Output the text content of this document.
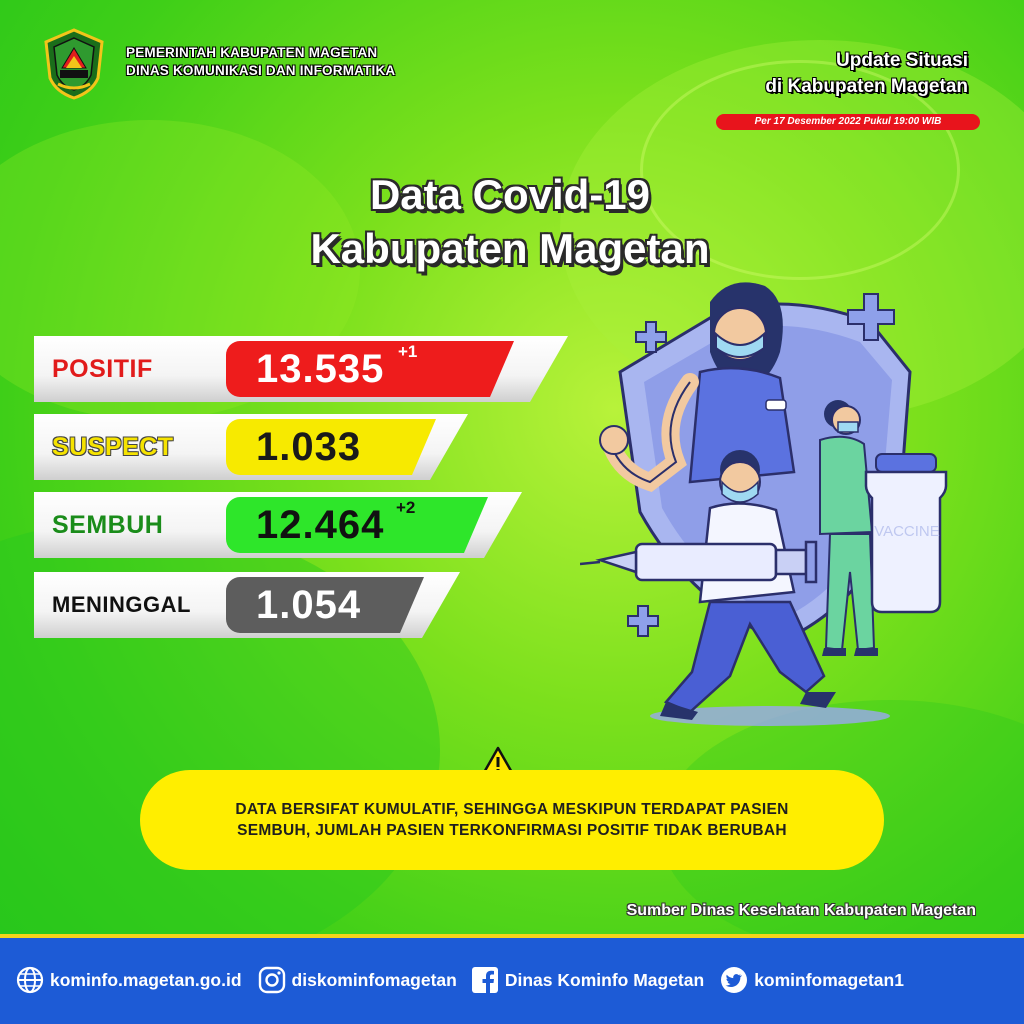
PEMERINTAH KABUPATEN MAGETAN
DINAS KOMUNIKASI DAN INFORMATIKA	Update Situasi
di Kabupaten Magetan
Per 17 Desember 2022 Pukul 19:00 WIB
Data Covid-19
Kabupaten Magetan
POSITIF	13.535 +1
SUSPECT 1.033
SEMBUH 12.464 +2
MENINGGAL 1.054
VACCINE
DATA BERSIFAT KUMULATIF, SEHINGGA MESKIPUN TERDAPAT PASIEN SEMBUH, JUMLAH PASIEN TERKONFIRMASI POSITIF TIDAK BERUBAH
Sumber Dinas Kesehatan Kabupaten Magetan
kominfo.magetan.go.id	diskominfomagetan	Dinas Kominfo Magetan	kominfomagetan1
